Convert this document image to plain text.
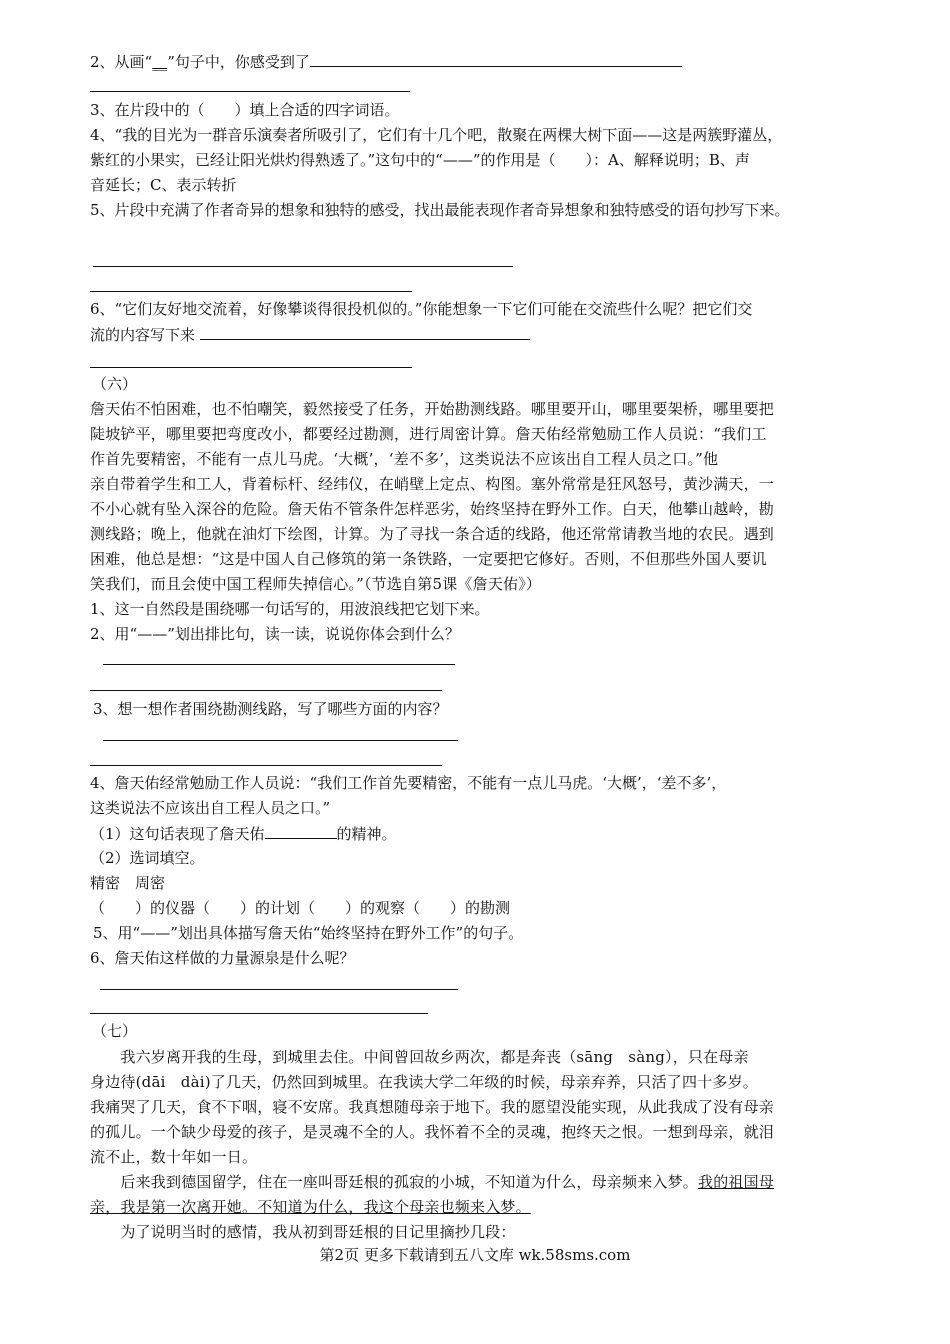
2、从画“__”句子中，你感受到了
3、在片段中的（　　）填上合适的四字词语。
4、“我的目光为一群音乐演奏者所吸引了，它们有十几个吧，散聚在两棵大树下面——这是两簇野灌丛，
紫红的小果实，已经让阳光烘灼得熟透了。”这句中的“——”的作用是（　　）：A、解释说明；B、声
音延长；C、表示转折
5、片段中充满了作者奇异的想象和独特的感受，找出最能表现作者奇异想象和独特感受的语句抄写下来。
6、“它们友好地交流着，好像攀谈得很投机似的。”你能想象一下它们可能在交流些什么呢？把它们交
流的内容写下来
（六）
詹天佑不怕困难，也不怕嘲笑，毅然接受了任务，开始勘测线路。哪里要开山，哪里要架桥，哪里要把
陡坡铲平，哪里要把弯度改小，都要经过勘测，进行周密计算。詹天佑经常勉励工作人员说：“我们工
作首先要精密，不能有一点儿马虎。‘大概’，‘差不多’，这类说法不应该出自工程人员之口。”他
亲自带着学生和工人，背着标杆、经纬仪，在峭壁上定点、构图。塞外常常是狂风怒号，黄沙满天，一
不小心就有坠入深谷的危险。詹天佑不管条件怎样恶劣，始终坚持在野外工作。白天，他攀山越岭，勘
测线路；晚上，他就在油灯下绘图，计算。为了寻找一条合适的线路，他还常常请教当地的农民。遇到
困难，他总是想：“这是中国人自己修筑的第一条铁路，一定要把它修好。否则，不但那些外国人要讥
笑我们，而且会使中国工程师失掉信心。”（节选自第5课《詹天佑》）
1、这一自然段是围绕哪一句话写的，用波浪线把它划下来。
2、用“——”划出排比句，读一读，说说你体会到什么？
3、想一想作者围绕勘测线路，写了哪些方面的内容？
4、詹天佑经常勉励工作人员说：“我们工作首先要精密，不能有一点儿马虎。‘大概’，‘差不多’，
这类说法不应该出自工程人员之口。”
（1）这句话表现了詹天佑	的精神。
（2）选词填空。
精密　周密
（　　）的仪器（　　）的计划（　　）的观察（　　）的勘测
5、用“——”划出具体描写詹天佑“始终坚持在野外工作”的句子。
6、詹天佑这样做的力量源泉是什么呢？
（七）
　　我六岁离开我的生母，到城里去住。中间曾回故乡两次，都是奔丧（sāng　sàng），只在母亲
身边待(dāi　dài)了几天，仍然回到城里。在我读大学二年级的时候，母亲弃养，只活了四十多岁。
我痛哭了几天，食不下咽，寝不安席。我真想随母亲于地下。我的愿望没能实现，从此我成了没有母亲
的孤儿。一个缺少母爱的孩子，是灵魂不全的人。我怀着不全的灵魂，抱终天之恨。一想到母亲，就泪
流不止，数十年如一日。
　　后来我到德国留学，住在一座叫哥廷根的孤寂的小城，不知道为什么，母亲频来入梦。我的祖国母
亲，我是第一次离开她。不知道为什么，我这个母亲也频来入梦。
　　为了说明当时的感情，我从初到哥廷根的日记里摘抄几段：
第2页 更多下载请到五八文库 wk.58sms.com
